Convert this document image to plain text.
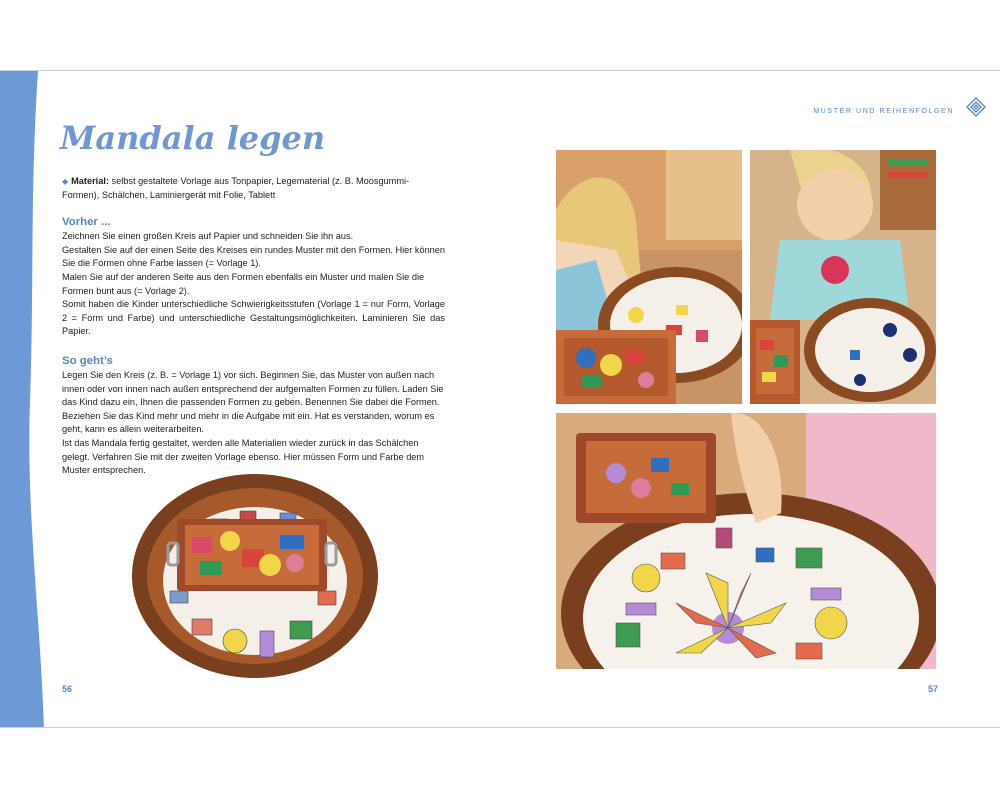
MUSTER UND REIHENFOLGEN
Mandala legen

◆ Material: selbst gestaltete Vorlage aus Tonpapier, Legematerial (z. B. Moosgummi-Formen), Schälchen, Laminiergerät mit Folie, Tablett

Vorher ...

Zeichnen Sie einen großen Kreis auf Papier und schneiden Sie ihn aus.

Gestalten Sie auf der einen Seite des Kreises ein rundes Muster mit den Formen. Hier können Sie die Formen ohne Farbe lassen (= Vorlage 1).

Malen Sie auf der anderen Seite aus den Formen ebenfalls ein Muster und malen Sie die Formen bunt aus (= Vorlage 2).

Somit haben die Kinder unterschiedliche Schwierigkeitsstufen (Vorlage 1 = nur Form, Vorlage 2 = Form und Farbe) und unterschiedliche Gestaltungsmöglichkeiten. Laminieren Sie das Papier.

So geht’s

Legen Sie den Kreis (z. B. = Vorlage 1) vor sich. Beginnen Sie, das Muster von außen nach innen oder von innen nach außen entsprechend der aufgemalten Formen zu füllen. Laden Sie das Kind dazu ein, Ihnen die passenden Formen zu geben. Benennen Sie dabei die Formen. Beziehen Sie das Kind mehr und mehr in die Aufgabe mit ein. Hat es verstanden, worum es geht, kann es allein weiterarbeiten.

Ist das Mandala fertig gestaltet, werden alle Materialien wieder zurück in das Schälchen gelegt. Verfahren Sie mit der zweiten Vorlage ebenso. Hier müssen Form und Farbe dem Muster entsprechen.

56	57
